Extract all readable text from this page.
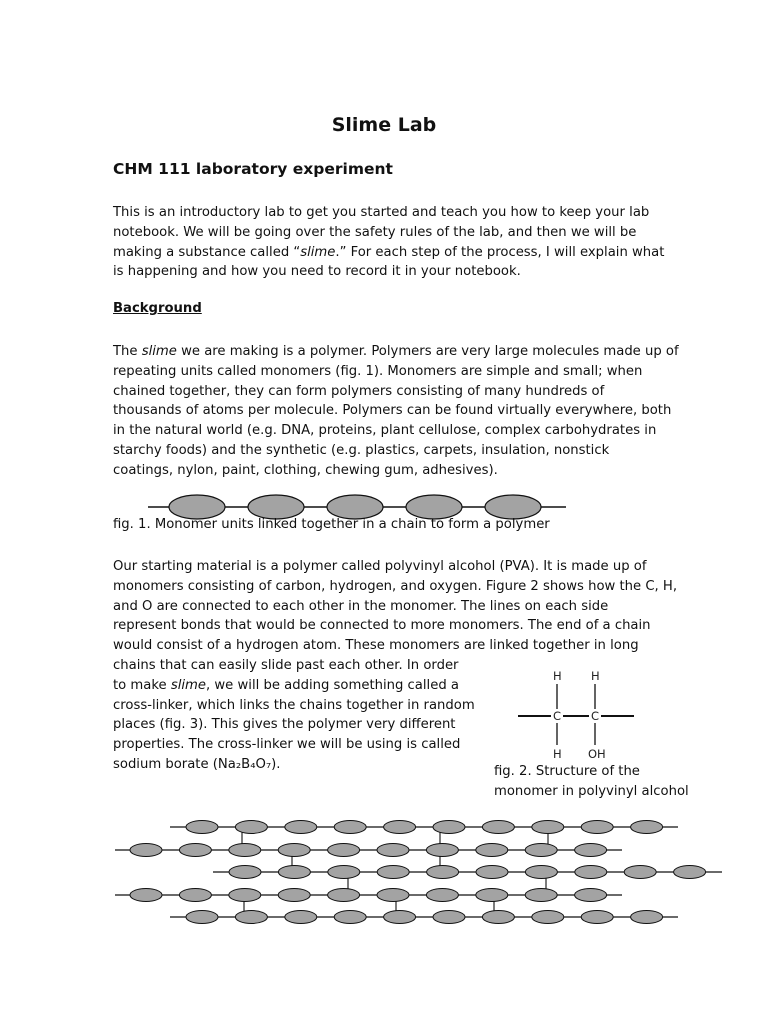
Slime Lab
CHM 111 laboratory experiment

This is an introductory lab to get you started and teach you how to keep your lab
notebook. We will be going over the safety rules of the lab, and then we will be
making a substance called “slime.” For each step of the process, I will explain what
is happening and how you need to record it in your notebook.

Background

The slime we are making is a polymer. Polymers are very large molecules made up of
repeating units called monomers (fig. 1). Monomers are simple and small; when
chained together, they can form polymers consisting of many hundreds of
thousands of atoms per molecule. Polymers can be found virtually everywhere, both
in the natural world (e.g. DNA, proteins, plant cellulose, complex carbohydrates in
starchy foods) and the synthetic (e.g. plastics, carpets, insulation, nonstick
coatings, nylon, paint, clothing, chewing gum, adhesives).

fig. 1. Monomer units linked together in a chain to form a polymer

Our starting material is a polymer called polyvinyl alcohol (PVA). It is made up of
monomers consisting of carbon, hydrogen, and oxygen. Figure 2 shows how the C, H,
and O are connected to each other in the monomer. The lines on each side
represent bonds that would be connected to more monomers. The end of a chain
would consist of a hydrogen atom. These monomers are linked together in long
chains that can easily slide past each other. In order
to make slime, we will be adding something called a
cross-linker, which links the chains together in random
places (fig. 3). This gives the polymer very different
properties. The cross-linker we will be using is called
sodium borate (Na₂B₄O₇).

H	H
C	C
H OH

fig. 2. Structure of the
monomer in polyvinyl alcohol
